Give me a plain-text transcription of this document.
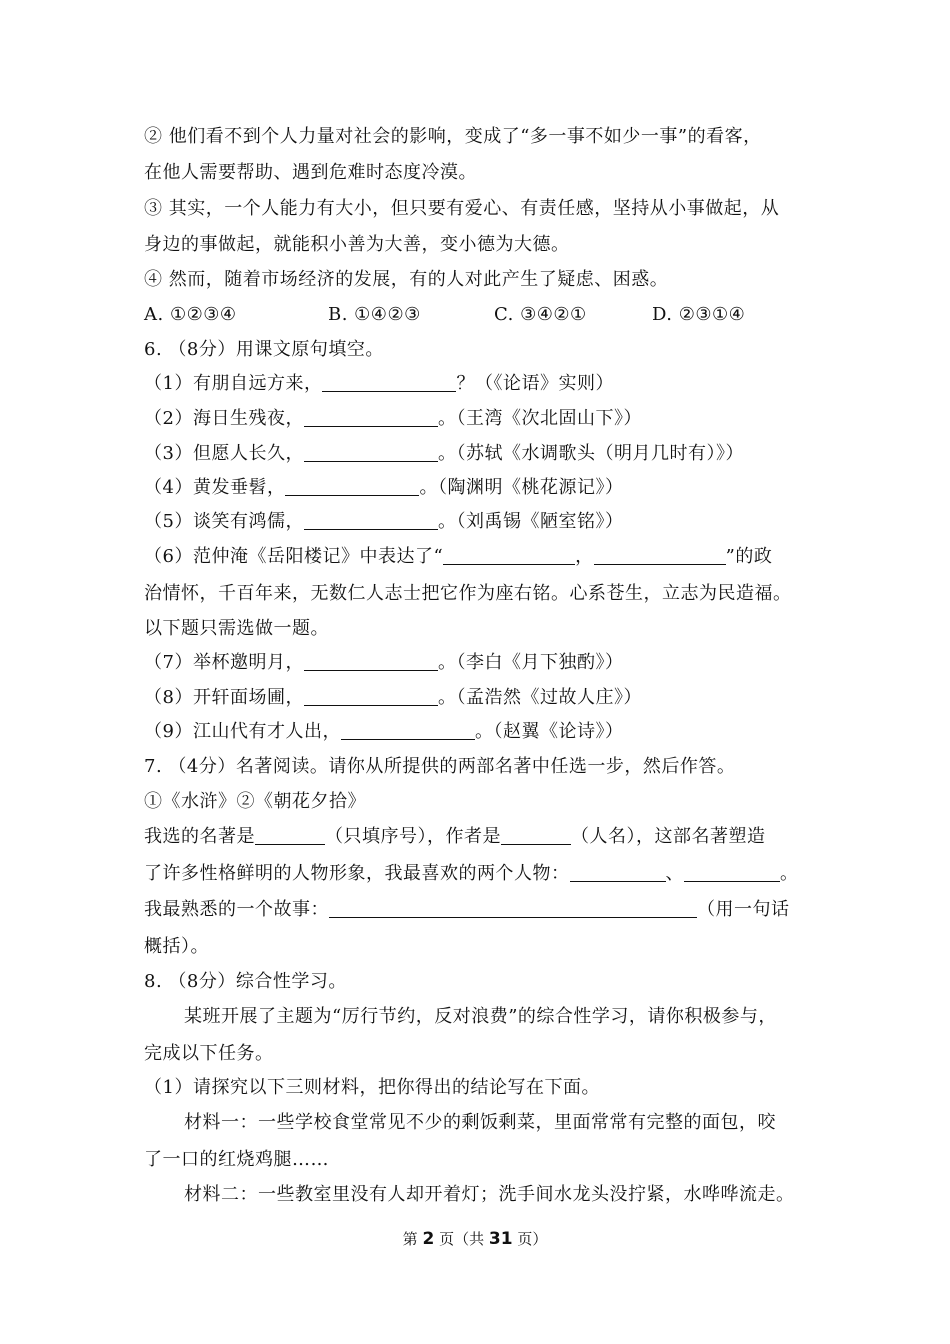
② 他们看不到个人力量对社会的影响，变成了“多一事不如少一事”的看客，
在他人需要帮助、遇到危难时态度冷漠。
③ 其实，一个人能力有大小，但只要有爱心、有责任感，坚持从小事做起，从
身边的事做起，就能积小善为大善，变小德为大德。
④ 然而，随着市场经济的发展，有的人对此产生了疑虑、困惑。
A. ①②③④	B. ①④②③	C. ③④②①	D. ②③①④
6. （8分）用课文原句填空。
（1）有朋自远方来，	？（《论语》实则）
（2）海日生残夜，	。（王湾《次北固山下》）
（3）但愿人长久，	。（苏轼《水调歌头（明月几时有）》）
（4）黄发垂髫，	。（陶渊明《桃花源记》）
（5）谈笑有鸿儒，	。（刘禹锡《陋室铭》）
（6）范仲淹《岳阳楼记》中表达了“	，	”的政
治情怀，千百年来，无数仁人志士把它作为座右铭。心系苍生，立志为民造福。
以下题只需选做一题。
（7）举杯邀明月，	。（李白《月下独酌》）
（8）开轩面场圃，	。（孟浩然《过故人庄》）
（9）江山代有才人出，	。（赵翼《论诗》）
7. （4分）名著阅读。请你从所提供的两部名著中任选一步，然后作答。
①《水浒》②《朝花夕拾》
我选的名著是	（只填序号），作者是	（人名），这部名著塑造
了许多性格鲜明的人物形象，我最喜欢的两个人物：	、	。
我最熟悉的一个故事：	（用一句话
概括）。
8. （8分）综合性学习。
某班开展了主题为“厉行节约，反对浪费”的综合性学习，请你积极参与，
完成以下任务。
（1）请探究以下三则材料，把你得出的结论写在下面。
材料一：一些学校食堂常见不少的剩饭剩菜，里面常常有完整的面包，咬
了一口的红烧鸡腿……
材料二：一些教室里没有人却开着灯；洗手间水龙头没拧紧，水哗哗流走。
第 2 页（共 31 页）
